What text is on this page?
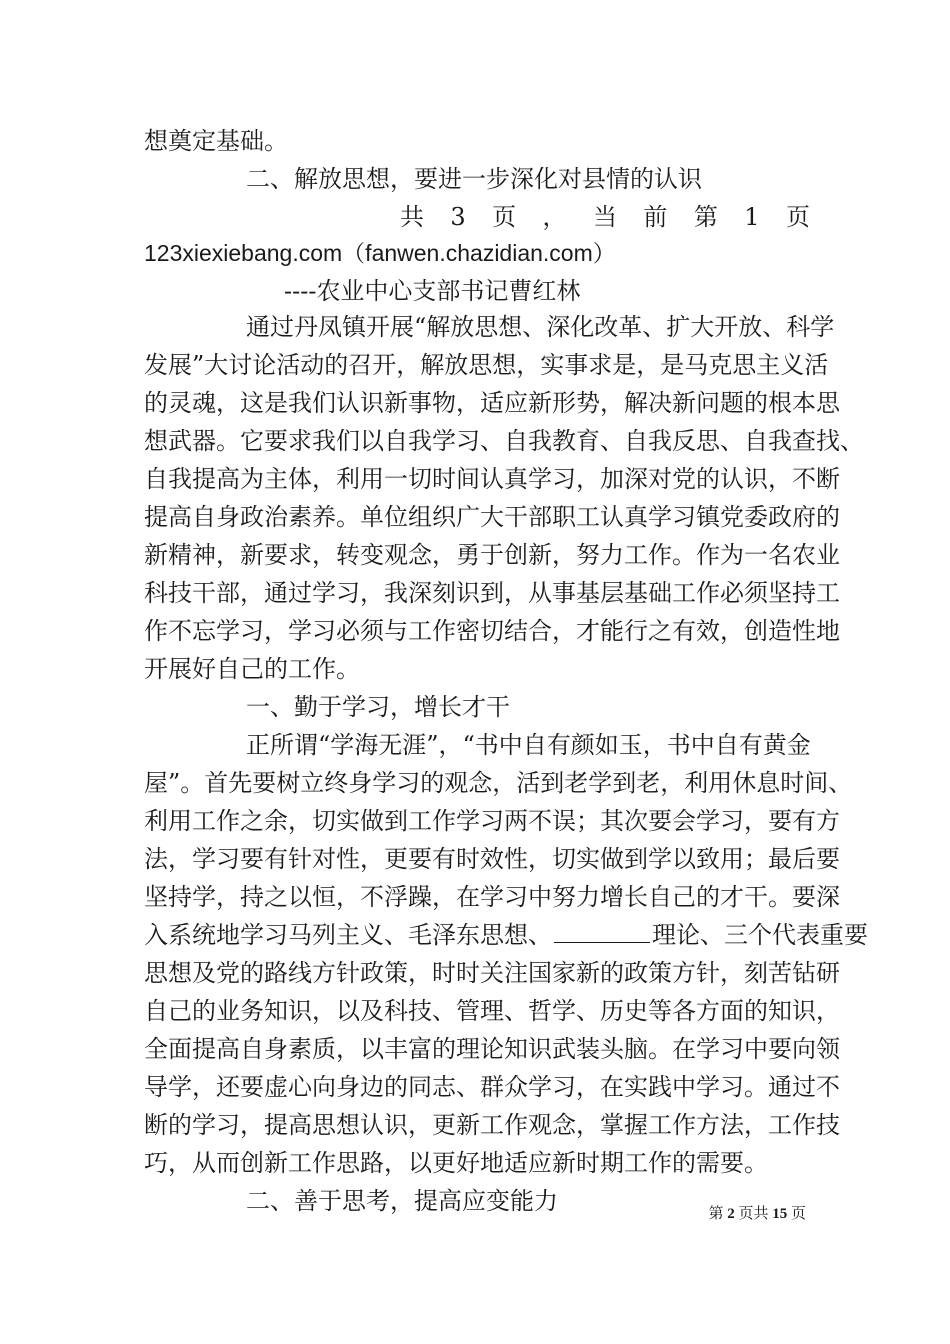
想奠定基础。
二、解放思想，要进一步深化对县情的认识
共 3 页 ， 当 前 第 1 页
123xiexiebang.com（fanwen.chazidian.com）
----农业中心支部书记曹红林
通过丹凤镇开展“解放思想、深化改革、扩大开放、科学
发展”大讨论活动的召开，解放思想，实事求是，是马克思主义活
的灵魂，这是我们认识新事物，适应新形势，解决新问题的根本思
想武器。它要求我们以自我学习、自我教育、自我反思、自我查找、
自我提高为主体，利用一切时间认真学习，加深对党的认识，不断
提高自身政治素养。单位组织广大干部职工认真学习镇党委政府的
新精神，新要求，转变观念，勇于创新，努力工作。作为一名农业
科技干部，通过学习，我深刻识到，从事基层基础工作必须坚持工
作不忘学习，学习必须与工作密切结合，才能行之有效，创造性地
开展好自己的工作。
一、勤于学习，增长才干
正所谓“学海无涯”，“书中自有颜如玉，书中自有黄金
屋”。首先要树立终身学习的观念，活到老学到老，利用休息时间、
利用工作之余，切实做到工作学习两不误；其次要会学习，要有方
法，学习要有针对性，更要有时效性，切实做到学以致用；最后要
坚持学，持之以恒，不浮躁，在学习中努力增长自己的才干。要深
入系统地学习马列主义、毛泽东思想、	理论、三个代表重要
思想及党的路线方针政策，时时关注国家新的政策方针，刻苦钻研
自己的业务知识，以及科技、管理、哲学、历史等各方面的知识，
全面提高自身素质，以丰富的理论知识武装头脑。在学习中要向领
导学，还要虚心向身边的同志、群众学习，在实践中学习。通过不
断的学习，提高思想认识，更新工作观念，掌握工作方法，工作技
巧，从而创新工作思路，以更好地适应新时期工作的需要。
二、善于思考，提高应变能力	第 2 页共 15 页
